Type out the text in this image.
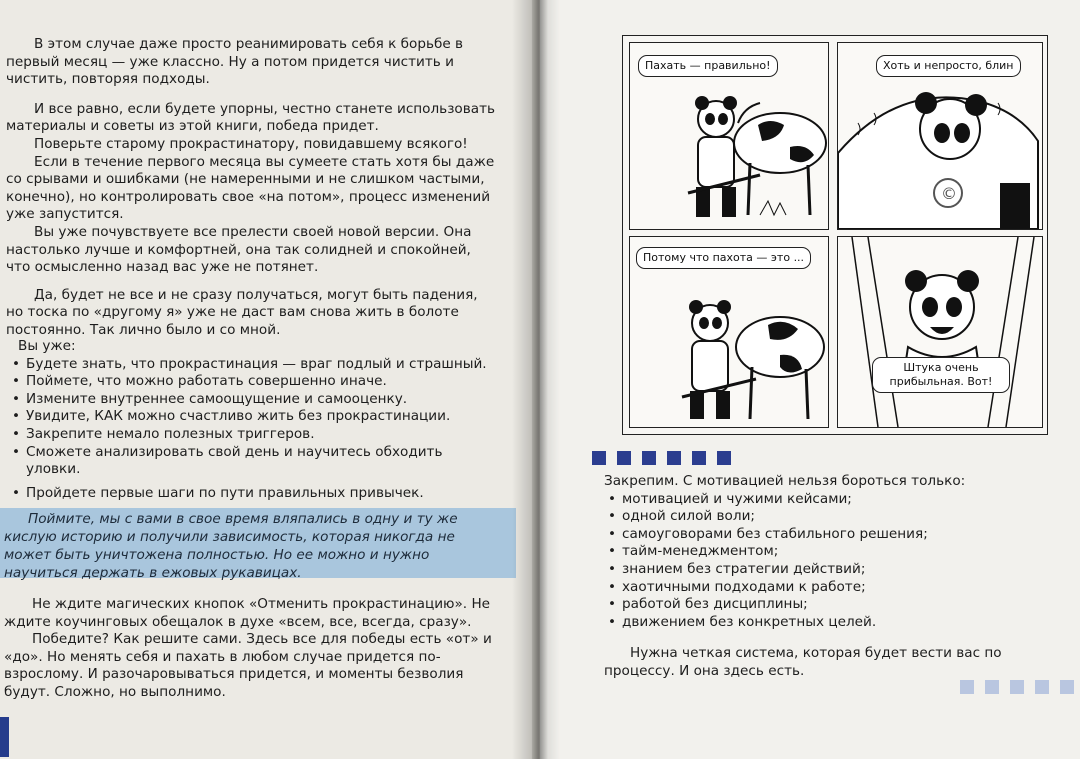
В этом случае даже просто реанимировать себя к борьбе в первый месяц — уже классно. Ну а потом придется чистить и чистить, повторяя подходы.

И все равно, если будете упорны, честно станете использовать материалы и советы из этой книги, победа придет.

Поверьте старому прокрастинатору, повидавшему всякого!

Если в течение первого месяца вы сумеете стать хотя бы даже со срывами и ошибками (не намеренными и не слишком частыми, конечно), но контролировать свое «на потом», процесс изменений уже запустится.

Вы уже почувствуете все прелести своей новой версии. Она настолько лучше и комфортней, она так солидней и спокойней, что осмысленно назад вас уже не потянет.

Да, будет не все и не сразу получаться, могут быть падения, но тоска по «другому я» уже не даст вам снова жить в болоте постоянно. Так лично было и со мной.

Вы уже:

• Будете знать, что прокрастинация — враг подлый и страшный.
• Поймете, что можно работать совершенно иначе.
• Измените внутреннее самоощущение и самооценку.
• Увидите, КАК можно счастливо жить без прокрастинации.
• Закрепите немало полезных триггеров.
• Сможете анализировать свой день и научитесь обходить уловки.
• Пройдете первые шаги по пути правильных привычек.

Поймите, мы с вами в свое время вляпались в одну и ту же кислую историю и получили зависимость, которая никогда не может быть уничтожена полностью. Но ее можно и нужно научиться держать в ежовых рукавицах.

Не ждите магических кнопок «Отменить прокрастинацию». Не ждите коучинговых обещалок в духе «всем, все, всегда, сразу».

Победите? Как решите сами. Здесь все для победы есть «от» и «до». Но менять себя и пахать в любом случае придется по-взрослому. И разочаровываться придется, и моменты безволия будут. Сложно, но выполнимо.

Пахать — правильно!	Хоть и непросто, блин
©
Потому что пахота — это ...
Штука очень прибыльная. Вот!

Закрепим. С мотивацией нельзя бороться только:

• мотивацией и чужими кейсами;
• одной силой воли;
• самоуговорами без стабильного решения;
• тайм-менеджментом;
• знанием без стратегии действий;
• хаотичными подходами к работе;
• работой без дисциплины;
• движением без конкретных целей.

Нужна четкая система, которая будет вести вас по процессу. И она здесь есть.
